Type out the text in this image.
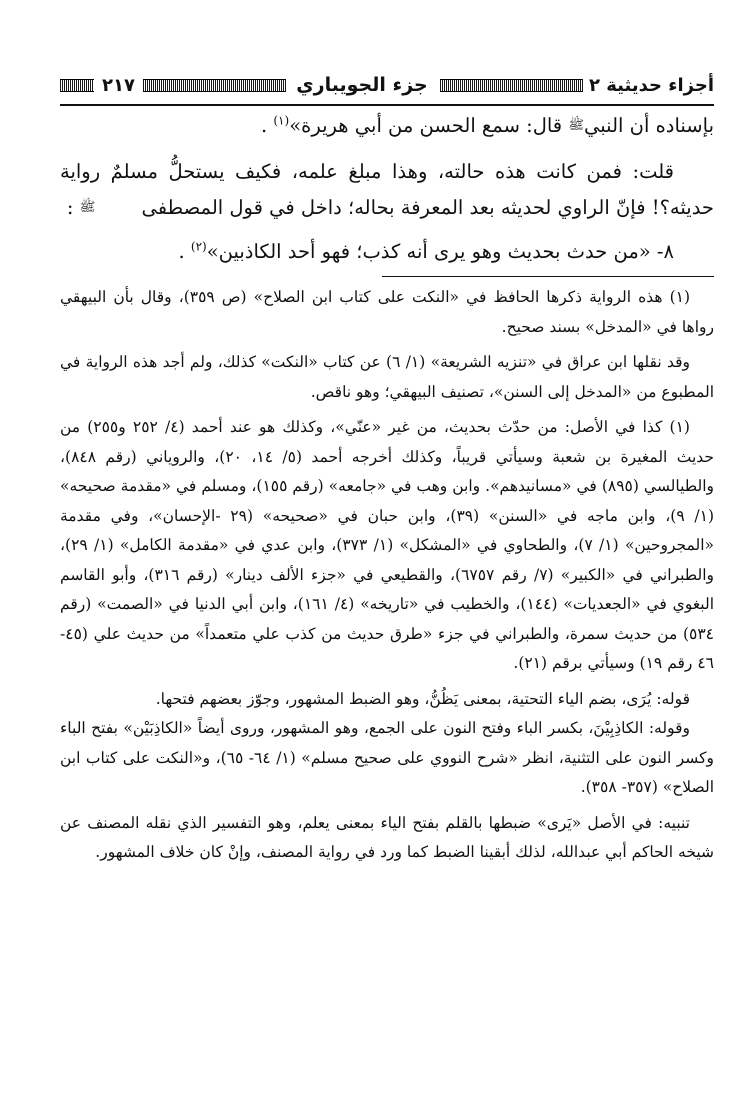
أجزاء حديثية ٢
جزء الجويباري
٢١٧

بإسناده أن النبيﷺ قال: سمع الحسن من أبي هريرة»$^{(١)}$ .

قلت: فمن كانت هذه حالته، وهذا مبلغ علمه، فكيف يستحلُّ مسلمٌ رواية حديثه؟! فإنّ الراوي لحديثه بعد المعرفة بحاله؛ داخل في قول المصطفى ﷺ :

٨- «من حدث بحديث وهو يرى أنه كذب؛ فهو أحد الكاذبين»$^{(٢)}$ .

(١) هذه الرواية ذكرها الحافظ في «النكت على كتاب ابن الصلاح» (ص ٣٥٩)، وقال بأن البيهقي رواها في «المدخل» بسند صحيح.

وقد نقلها ابن عراق في «تنزيه الشريعة» (١/ ٦) عن كتاب «النكت» كذلك، ولم أجد هذه الرواية في المطبوع من «المدخل إلى السنن»، تصنيف البيهقي؛ وهو ناقص.

(١) كذا في الأصل: من حدّث بحديث، من غير «عنّي»، وكذلك هو عند أحمد (٤/ ٢٥٢ و٢٥٥) من حديث المغيرة بن شعبة وسيأتي قريباً، وكذلك أخرجه أحمد (٥/ ١٤، ٢٠)، والروياني (رقم ٨٤٨)، والطيالسي (٨٩٥) في «مسانيدهم». وابن وهب في «جامعه» (رقم ١٥٥)، ومسلم في «مقدمة صحيحه» (١/ ٩)، وابن ماجه في «السنن» (٣٩)، وابن حبان في «صحيحه» (٢٩ -الإحسان»، وفي مقدمة «المجروحين» (١/ ٧)، والطحاوي في «المشكل» (١/ ٣٧٣)، وابن عدي في «مقدمة الكامل» (١/ ٢٩)، والطبراني في «الكبير» (٧/ رقم ٦٧٥٧)، والقطيعي في «جزء الألف دينار» (رقم ٣١٦)، وأبو القاسم البغوي في «الجعديات» (١٤٤)، والخطيب في «تاريخه» (٤/ ١٦١)، وابن أبي الدنيا في «الصمت» (رقم ٥٣٤) من حديث سمرة، والطبراني في جزء «طرق حديث من كذب علي متعمداً» من حديث علي (٤٥- ٤٦ رقم ١٩) وسيأتي برقم (٢١).

قوله: يُرَى، بضم الياء التحتية، بمعنى يَظُنُّ، وهو الضبط المشهور، وجوّز بعضهم فتحها.

وقوله: الكاذِبِيْنَ، بكسر الباء وفتح النون على الجمع، وهو المشهور، وروى أيضاً «الكاذِبَيْن» بفتح الباء وكسر النون على التثنية، انظر «شرح النووي على صحيح مسلم» (١/ ٦٤- ٦٥)، و«النكت على كتاب ابن الصلاح» (٣٥٧- ٣٥٨).

تنبيه: في الأصل «يَرى» ضبطها بالقلم بفتح الياء بمعنى يعلم، وهو التفسير الذي نقله المصنف عن شيخه الحاكم أبي عبدالله، لذلك أبقينا الضبط كما ورد في رواية المصنف، وإنْ كان خلاف المشهور.
